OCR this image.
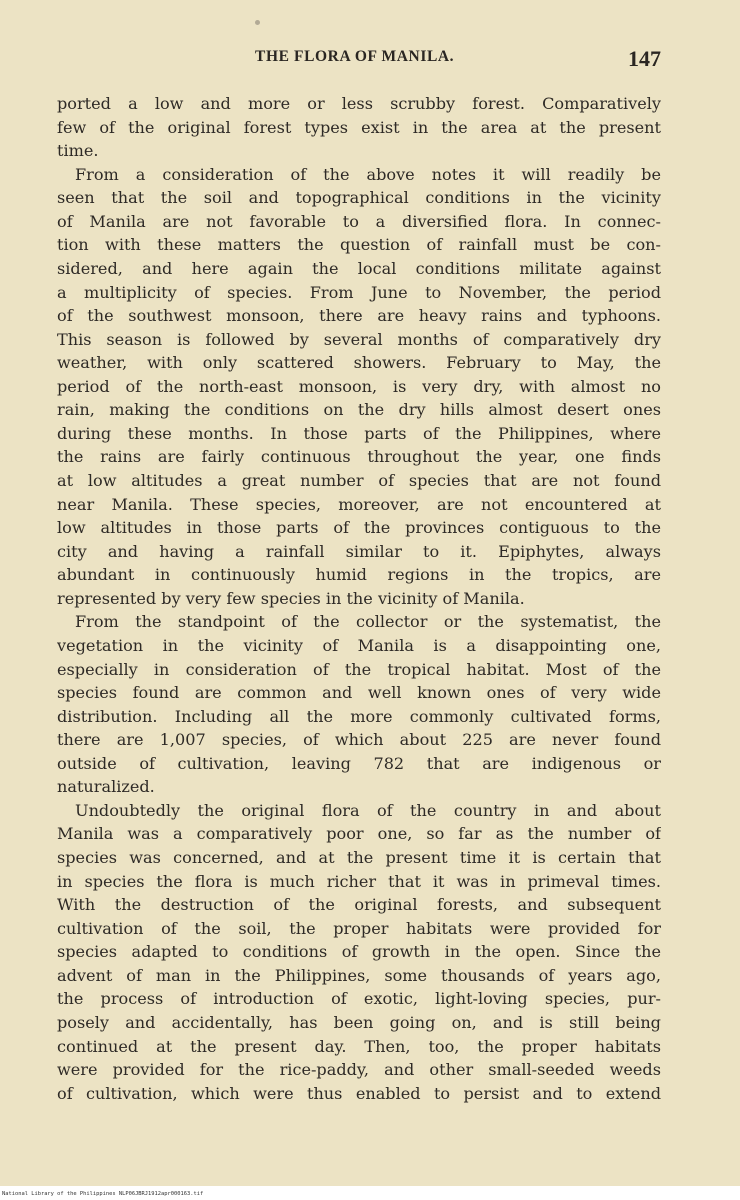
THE FLORA OF MANILA.	147
ported a low and more or less scrubby forest. Comparatively
few of the original forest types exist in the area at the present
time.
From a consideration of the above notes it will readily be
seen that the soil and topographical conditions in the vicinity
of Manila are not favorable to a diversified flora. In connec-
tion with these matters the question of rainfall must be con-
sidered, and here again the local conditions militate against
a multiplicity of species. From June to November, the period
of the southwest monsoon, there are heavy rains and typhoons.
This season is followed by several months of comparatively dry
weather, with only scattered showers. February to May, the
period of the north-east monsoon, is very dry, with almost no
rain, making the conditions on the dry hills almost desert ones
during these months. In those parts of the Philippines, where
the rains are fairly continuous throughout the year, one finds
at low altitudes a great number of species that are not found
near Manila. These species, moreover, are not encountered at
low altitudes in those parts of the provinces contiguous to the
city and having a rainfall similar to it. Epiphytes, always
abundant in continuously humid regions in the tropics, are
represented by very few species in the vicinity of Manila.
From the standpoint of the collector or the systematist, the
vegetation in the vicinity of Manila is a disappointing one,
especially in consideration of the tropical habitat. Most of the
species found are common and well known ones of very wide
distribution. Including all the more commonly cultivated forms,
there are 1,007 species, of which about 225 are never found
outside of cultivation, leaving 782 that are indigenous or
naturalized.
Undoubtedly the original flora of the country in and about
Manila was a comparatively poor one, so far as the number of
species was concerned, and at the present time it is certain that
in species the flora is much richer that it was in primeval times.
With the destruction of the original forests, and subsequent
cultivation of the soil, the proper habitats were provided for
species adapted to conditions of growth in the open. Since the
advent of man in the Philippines, some thousands of years ago,
the process of introduction of exotic, light-loving species, pur-
posely and accidentally, has been going on, and is still being
continued at the present day. Then, too, the proper habitats
were provided for the rice-paddy, and other small-seeded weeds
of cultivation, which were thus enabled to persist and to extend
National Library of the Philippines NLP06JBRJ1912apr000163.tif
